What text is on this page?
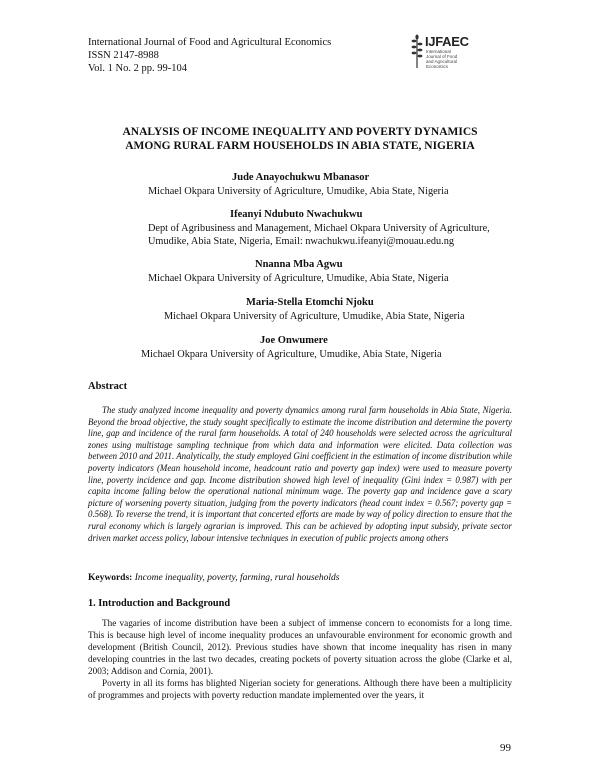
International Journal of Food and Agricultural Economics
ISSN 2147-8988
Vol. 1 No. 2 pp. 99-104
IJFAEC
International Journal of Food and Agricultural Economics
ANALYSIS OF INCOME INEQUALITY AND POVERTY DYNAMICS
AMONG RURAL FARM HOUSEHOLDS IN ABIA STATE, NIGERIA
Jude Anayochukwu Mbanasor
Michael Okpara University of Agriculture, Umudike, Abia State, Nigeria
Ifeanyi Ndubuto Nwachukwu
Dept of Agribusiness and Management, Michael Okpara University of Agriculture,
Umudike, Abia State, Nigeria, Email: nwachukwu.ifeanyi@mouau.edu.ng
Nnanna Mba Agwu
Michael Okpara University of Agriculture, Umudike, Abia State, Nigeria
Maria-Stella Etomchi Njoku
Michael Okpara University of Agriculture, Umudike, Abia State, Nigeria
Joe Onwumere
Michael Okpara University of Agriculture, Umudike, Abia State, Nigeria
Abstract
The study analyzed income inequality and poverty dynamics among rural farm households in Abia State, Nigeria. Beyond the broad objective, the study sought specifically to estimate the income distribution and determine the poverty line, gap and incidence of the rural farm households. A total of 240 households were selected across the agricultural zones using multistage sampling technique from which data and information were elicited. Data collection was between 2010 and 2011. Analytically, the study employed Gini coefficient in the estimation of income distribution while poverty indicators (Mean household income, headcount ratio and poverty gap index) were used to measure poverty line, poverty incidence and gap. Income distribution showed high level of inequality (Gini index = 0.987) with per capita income falling below the operational national minimum wage. The poverty gap and incidence gave a scary picture of worsening poverty situation, judging from the poverty indicators (head count index = 0.567; poverty gap = 0.568). To reverse the trend, it is important that concerted efforts are made by way of policy direction to ensure that the rural economy which is largely agrarian is improved. This can be achieved by adopting input subsidy, private sector driven market access policy, labour intensive techniques in execution of public projects among others
Keywords: Income inequality, poverty, farming, rural households
1. Introduction and Background
The vagaries of income distribution have been a subject of immense concern to economists for a long time. This is because high level of income inequality produces an unfavourable environment for economic growth and development (British Council, 2012). Previous studies have shown that income inequality has risen in many developing countries in the last two decades, creating pockets of poverty situation across the globe (Clarke et al, 2003; Addison and Cornia, 2001).
Poverty in all its forms has blighted Nigerian society for generations. Although there have been a multiplicity of programmes and projects with poverty reduction mandate implemented over the years, it
99
